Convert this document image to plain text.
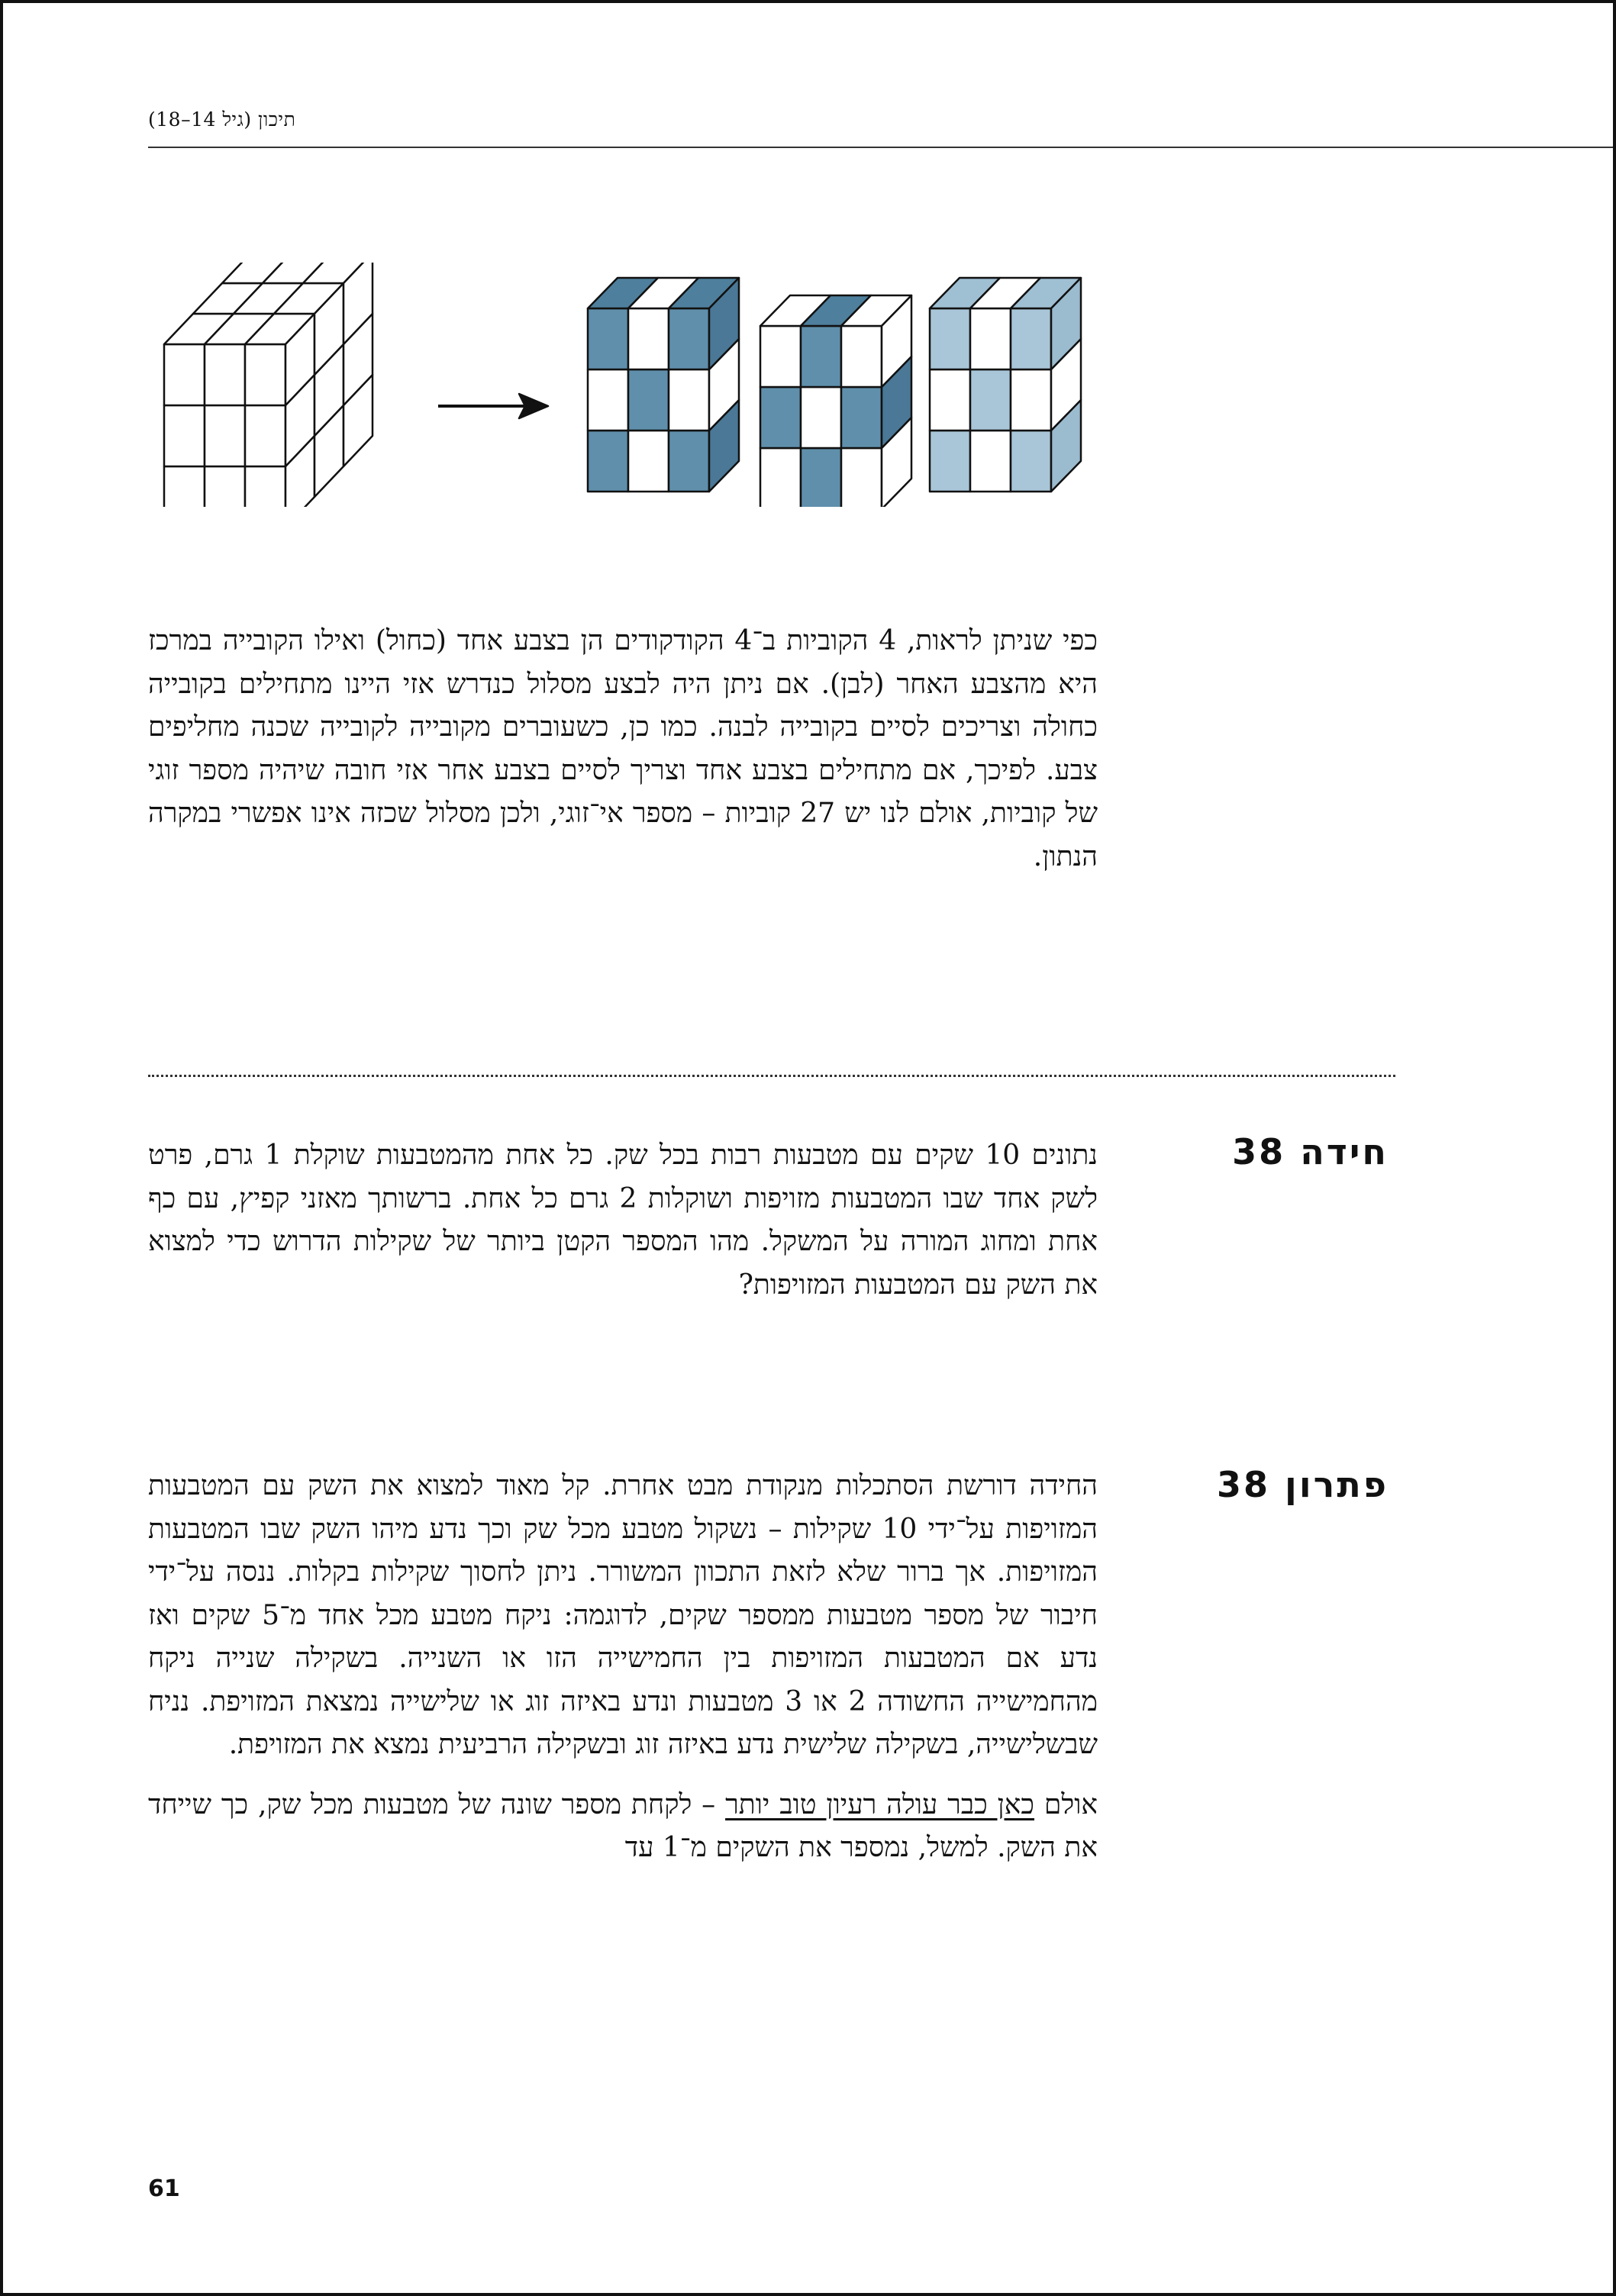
תיכון (גיל 14–18)

כפי שניתן לראות, 4 הקוביות ב־4 הקודקודים הן בצבע אחד (כחול) ואילו הקובייה במרכז היא מהצבע האחר (לבן). אם ניתן היה לבצע מסלול כנדרש אזי היינו מתחילים בקובייה כחולה וצריכים לסיים בקובייה לבנה. כמו כן, כשעוברים מקובייה לקובייה שכנה מחליפים צבע. לפיכך, אם מתחילים בצבע אחד וצריך לסיים בצבע אחר אזי חובה שיהיה מספר זוגי של קוביות, אולם לנו יש 27 קוביות – מספר אי־זוגי, ולכן מסלול שכזה אינו אפשרי במקרה הנתון.

חידה 38

נתונים 10 שקים עם מטבעות רבות בכל שק. כל אחת מהמטבעות שוקלת 1 גרם, פרט לשק אחד שבו המטבעות מזויפות ושוקלות 2 גרם כל אחת. ברשותך מאזני קפיץ, עם כף אחת ומחוג המורה על המשקל. מהו המספר הקטן ביותר של שקילות הדרוש כדי למצוא את השק עם המטבעות המזויפות?

פתרון 38

החידה דורשת הסתכלות מנקודת מבט אחרת. קל מאוד למצוא את השק עם המטבעות המזויפות על־ידי 10 שקילות – נשקול מטבע מכל שק וכך נדע מיהו השק שבו המטבעות המזויפות. אך ברור שלא לזאת התכוון המשורר. ניתן לחסוך שקילות בקלות. ננסה על־ידי חיבור של מספר מטבעות ממספר שקים, לדוגמה: ניקח מטבע מכל אחד מ־5 שקים ואז נדע אם המטבעות המזויפות בין החמישייה הזו או השנייה. בשקילה שנייה ניקח מהחמישייה החשודה 2 או 3 מטבעות ונדע באיזה זוג או שלישייה נמצאת המזויפת. נניח שבשלישייה, בשקילה שלישית נדע באיזה זוג ובשקילה הרביעית נמצא את המזויפת.

אולם כאן כבר עולה רעיון טוב יותר – לקחת מספר שונה של מטבעות מכל שק, כך שייחד את השק. למשל, נמספר את השקים מ־1 עד

61
